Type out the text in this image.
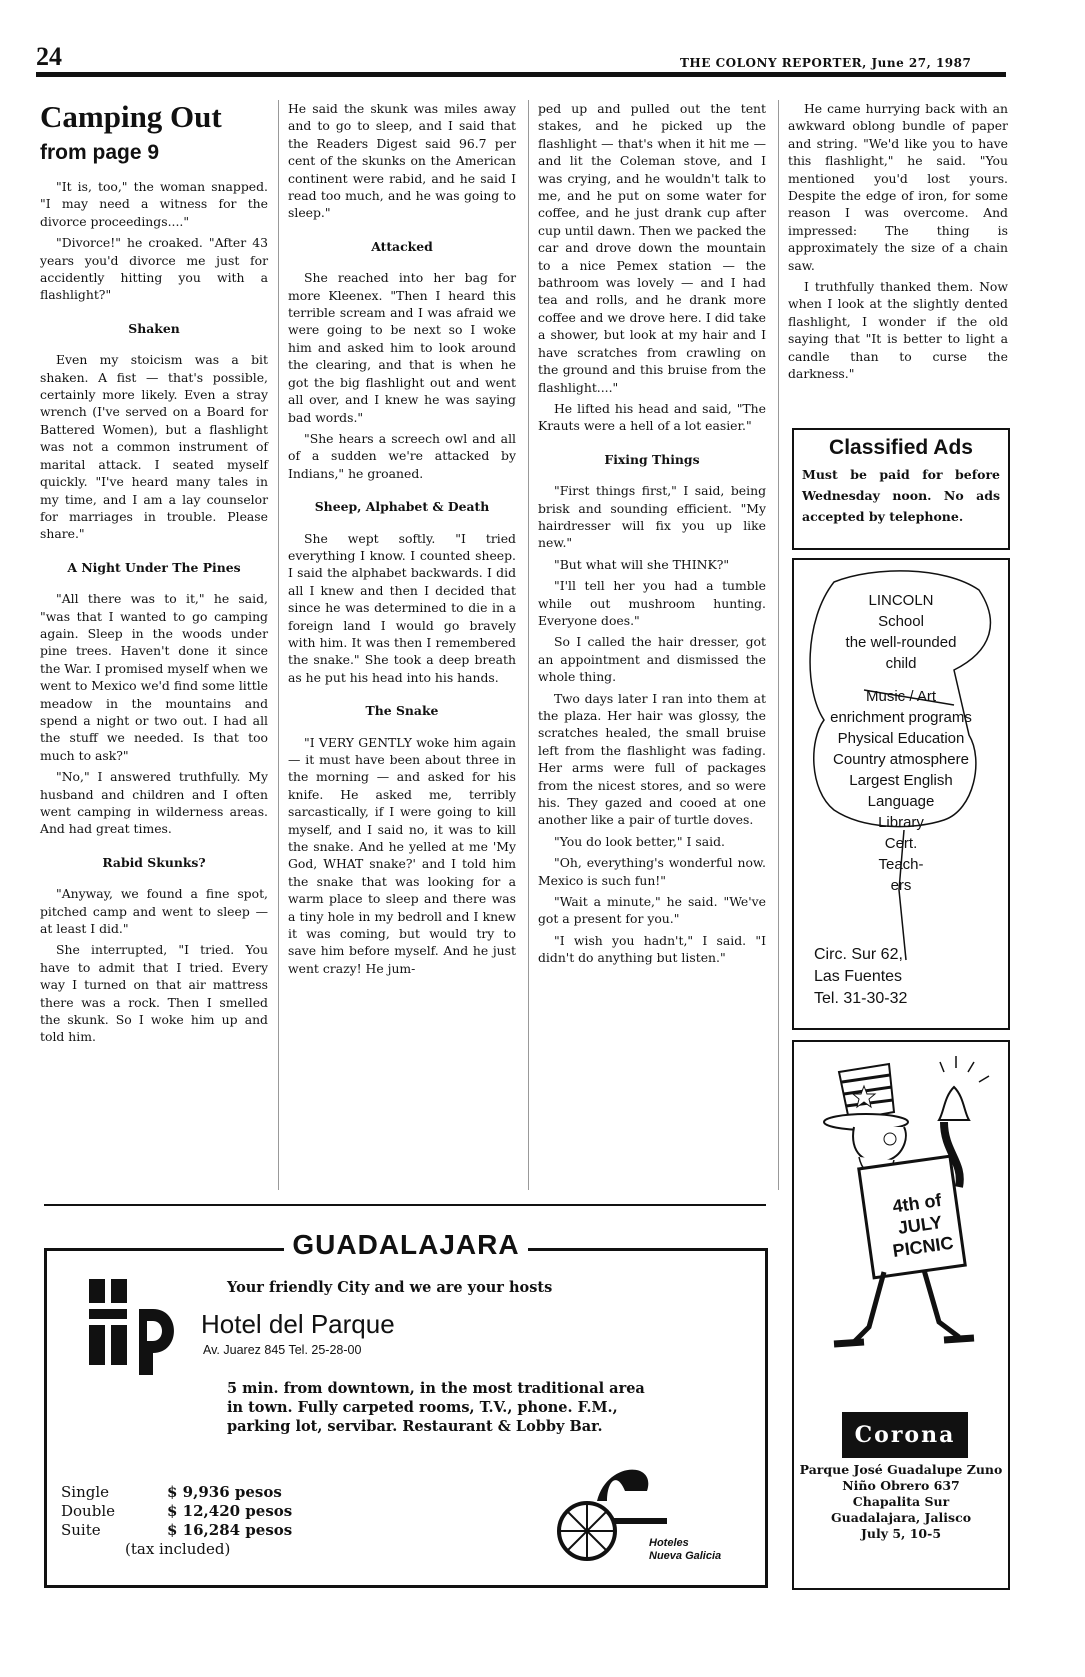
24	THE COLONY REPORTER, June 27, 1987
Camping Out
from page 9

"It is, too," the woman snapped. "I may need a witness for the divorce proceedings...."

"Divorce!" he croaked. "After 43 years you'd divorce me just for accidently hitting you with a flashlight?"

Shaken

Even my stoicism was a bit shaken. A fist — that's possible, certainly more likely. Even a stray wrench (I've served on a Board for Battered Women), but a flashlight was not a common instrument of marital attack. I seated myself quickly. "I've heard many tales in my time, and I am a lay counselor for marriages in trouble. Please share."

A Night Under The Pines

"All there was to it," he said, "was that I wanted to go camping again. Sleep in the woods under pine trees. Haven't done it since the War. I promised myself when we went to Mexico we'd find some little meadow in the mountains and spend a night or two out. I had all the stuff we needed. Is that too much to ask?"

"No," I answered truthfully. My husband and children and I often went camping in wilderness areas. And had great times.

Rabid Skunks?

"Anyway, we found a fine spot, pitched camp and went to sleep — at least I did."

She interrupted, "I tried. You have to admit that I tried. Every way I turned on that air mattress there was a rock. Then I smelled the skunk. So I woke him up and told him.

He said the skunk was miles away and to go to sleep, and I said that the Readers Digest said 96.7 per cent of the skunks on the American continent were rabid, and he said I read too much, and he was going to sleep."

Attacked

She reached into her bag for more Kleenex. "Then I heard this terrible scream and I was afraid we were going to be next so I woke him and asked him to look around the clearing, and that is when he got the big flashlight out and went all over, and I knew he was saying bad words."

"She hears a screech owl and all of a sudden we're attacked by Indians," he groaned.

Sheep, Alphabet & Death

She wept softly. "I tried everything I know. I counted sheep. I said the alphabet backwards. I did all I knew and then I decided that since he was determined to die in a foreign land I would go bravely with him. It was then I remembered the snake." She took a deep breath as he put his head into his hands.

The Snake

"I VERY GENTLY woke him again — it must have been about three in the morning — and asked for his knife. He asked me, terribly sarcastically, if I were going to kill myself, and I said no, it was to kill the snake. And he yelled at me 'My God, WHAT snake?' and I told him the snake that was looking for a warm place to sleep and there was a tiny hole in my bedroll and I knew it was coming, but would try to save him before myself. And he just went crazy! He jum-

ped up and pulled out the tent stakes, and he picked up the flashlight — that's when it hit me — and lit the Coleman stove, and I was crying, and he wouldn't talk to me, and he put on some water for coffee, and he just drank cup after cup until dawn. Then we packed the car and drove down the mountain to a nice Pemex station — the bathroom was lovely — and I had tea and rolls, and he drank more coffee and we drove here. I did take a shower, but look at my hair and I have scratches from crawling on the ground and this bruise from the flashlight...."

He lifted his head and said, "The Krauts were a hell of a lot easier."

Fixing Things

"First things first," I said, being brisk and sounding efficient. "My hairdresser will fix you up like new."

"But what will she THINK?"

"I'll tell her you had a tumble while out mushroom hunting. Everyone does."

So I called the hair dresser, got an appointment and dismissed the whole thing.

Two days later I ran into them at the plaza. Her hair was glossy, the scratches healed, the small bruise left from the flashlight was fading. Her arms were full of packages from the nicest stores, and so were his. They gazed and cooed at one another like a pair of turtle doves.

"You do look better," I said.

"Oh, everything's wonderful now. Mexico is such fun!"

"Wait a minute," he said. "We've got a present for you."

"I wish you hadn't," I said. "I didn't do anything but listen."

He came hurrying back with an awkward oblong bundle of paper and string. "We'd like you to have this flashlight," he said. "You mentioned you'd lost yours. Despite the edge of iron, for some reason I was overcome. And impressed: The thing is approximately the size of a chain saw.

I truthfully thanked them. Now when I look at the slightly dented flashlight, I wonder if the old saying that "It is better to light a candle than to curse the darkness."

Classified Ads
Must be paid for before Wednesday noon. No ads accepted by telephone.
LINCOLN
School
the well-rounded
child
Music / Art
enrichment programs
Physical Education
Country atmosphere
Largest English
Language
Library
Cert.
Teach-
ers
Circ. Sur 62,
Las Fuentes
Tel. 31-30-32
4th of JULY PICNIC
Corona
Parque José Guadalupe Zuno
Niño Obrero 637
Chapalita Sur
Guadalajara, Jalisco
July 5, 10-5
GUADALAJARA
Your friendly City and we are your hosts
Hotel del Parque
Av. Juarez 845 Tel. 25-28-00
5 min. from downtown, in the most traditional area in town. Fully carpeted rooms, T.V., phone. F.M., parking lot, servibar. Restaurant & Lobby Bar.
Single	$ 9,936 pesos
Double	$ 12,420 pesos
Suite	$ 16,284 pesos
(tax included)	Hoteles
Nueva Galicia
